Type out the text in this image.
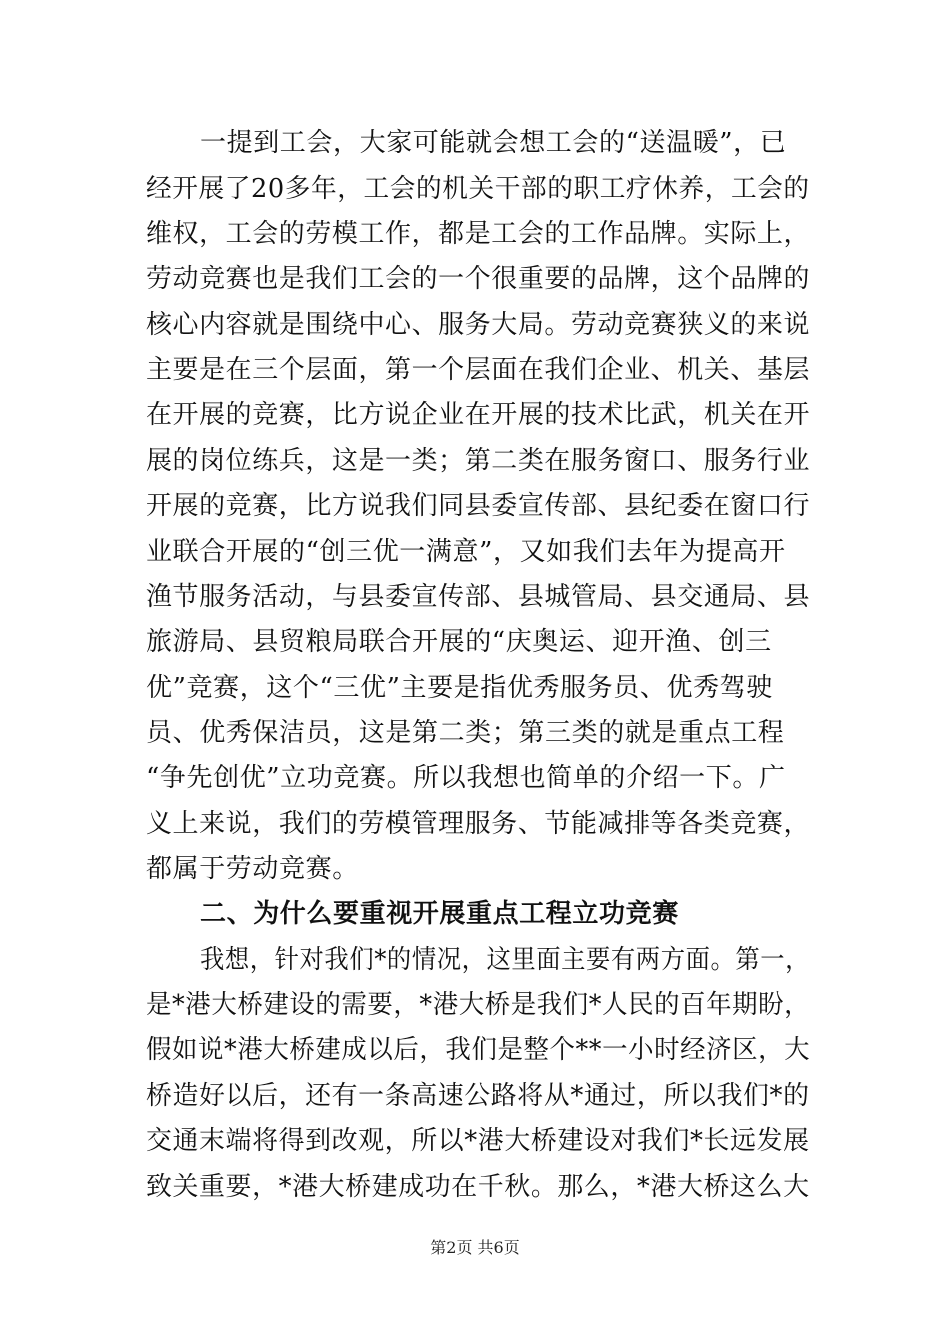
一提到工会，大家可能就会想工会的“送温暖”，已
经开展了20多年，工会的机关干部的职工疗休养，工会的
维权，工会的劳模工作，都是工会的工作品牌。实际上，
劳动竞赛也是我们工会的一个很重要的品牌，这个品牌的
核心内容就是围绕中心、服务大局。劳动竞赛狭义的来说
主要是在三个层面，第一个层面在我们企业、机关、基层
在开展的竞赛，比方说企业在开展的技术比武，机关在开
展的岗位练兵，这是一类；第二类在服务窗口、服务行业
开展的竞赛，比方说我们同县委宣传部、县纪委在窗口行
业联合开展的“创三优一满意”，又如我们去年为提高开
渔节服务活动，与县委宣传部、县城管局、县交通局、县
旅游局、县贸粮局联合开展的“庆奥运、迎开渔、创三
优”竞赛，这个“三优”主要是指优秀服务员、优秀驾驶
员、优秀保洁员，这是第二类；第三类的就是重点工程
“争先创优”立功竞赛。所以我想也简单的介绍一下。广
义上来说，我们的劳模管理服务、节能减排等各类竞赛，
都属于劳动竞赛。
二、为什么要重视开展重点工程立功竞赛
我想，针对我们*的情况，这里面主要有两方面。第一，
是*港大桥建设的需要，*港大桥是我们*人民的百年期盼，
假如说*港大桥建成以后，我们是整个**一小时经济区，大
桥造好以后，还有一条高速公路将从*通过，所以我们*的
交通末端将得到改观，所以*港大桥建设对我们*长远发展
致关重要，*港大桥建成功在千秋。那么，*港大桥这么大
第2页 共6页
